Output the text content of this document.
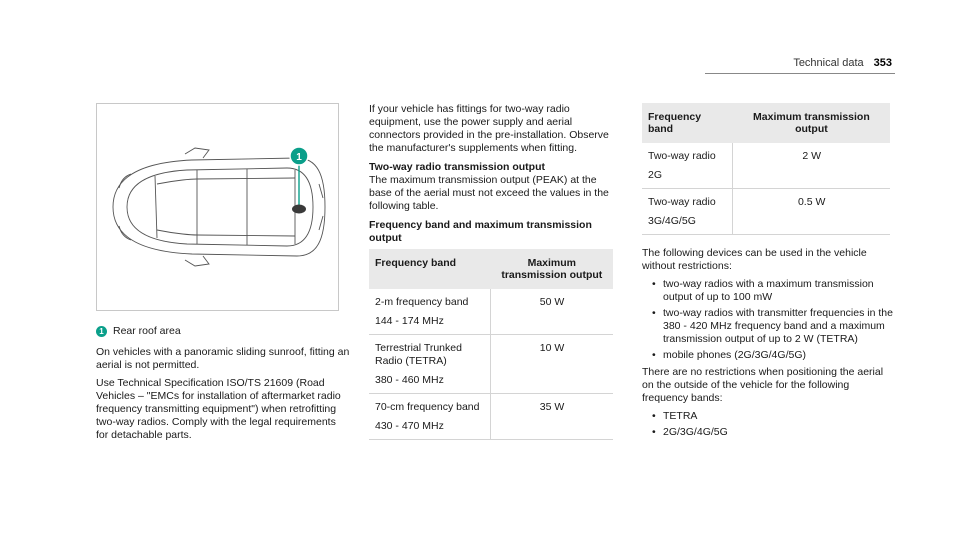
Technical data 353
1
1 Rear roof area

On vehicles with a panoramic sliding sunroof, fitting an aerial is not permitted.

Use Technical Specification ISO/TS 21609 (Road Vehicles – "EMCs for installation of aftermarket radio frequency transmitting equipment") when retrofitting two-way radios. Comply with the legal requirements for detachable parts.

If your vehicle has fittings for two-way radio equipment, use the power supply and aerial connectors provided in the pre-installation. Observe the manufacturer's supplements when fitting.

Two-way radio transmission output

The maximum transmission output (PEAK) at the base of the aerial must not exceed the values in the following table.

Frequency band and maximum transmission output
Frequency band	Maximum transmission output
2-m frequency band
144 - 174 MHz	50 W
Terrestrial Trunked Radio (TETRA)
380 - 460 MHz	10 W
70-cm frequency band
430 - 470 MHz	35 W
Frequency band	Maximum transmission output
Two-way radio
2G	2 W
Two-way radio
3G/4G/5G	0.5 W

The following devices can be used in the vehicle without restrictions:

• two-way radios with a maximum transmission output of up to 100 mW
• two-way radios with transmitter frequencies in the 380 - 420 MHz frequency band and a maximum transmission output of up to 2 W (TETRA)
• mobile phones (2G/3G/4G/5G)

There are no restrictions when positioning the aerial on the outside of the vehicle for the following frequency bands:

• TETRA
• 2G/3G/4G/5G
